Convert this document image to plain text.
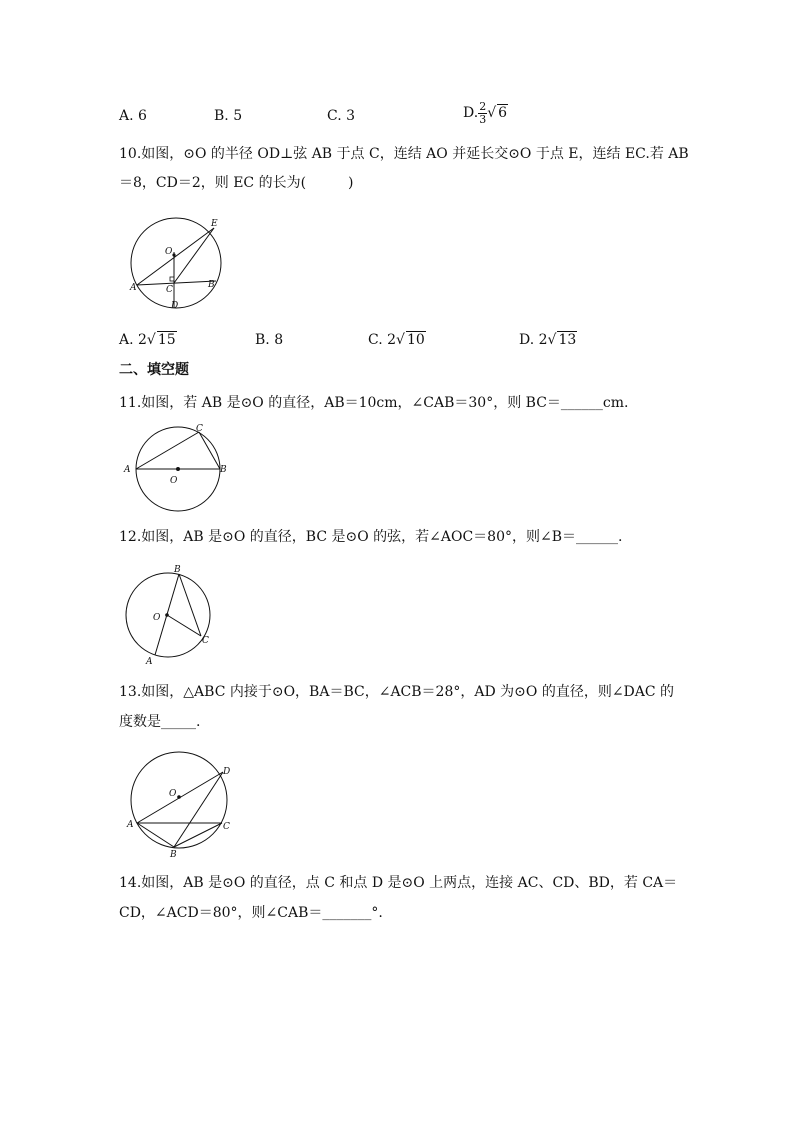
A. 6	B. 5	C. 3	D. $\frac{2}{3}$ √ 6
10.如图，⊙O 的半径 OD⊥弦 AB 于点 C，连结 AO 并延长交⊙O 于点 E，连结 EC.若 AB
＝8，CD＝2，则 EC 的长为(　　　)
O
E
A	C	B
D
A. 2√ 15	B. 8	C. 2√ 10	D. 2√ 13
二、填空题
11.如图，若 AB 是⊙O 的直径，AB＝10cm，∠CAB＝30°，则 BC＝______cm.
A	B
C
O
12.如图，AB 是⊙O 的直径，BC 是⊙O 的弦，若∠AOC＝80°，则∠B＝______.
B
O
C
A
13.如图，△ABC 内接于⊙O，BA＝BC，∠ACB＝28°，AD 为⊙O 的直径，则∠DAC 的
度数是_____.
O
D
A	C
B
14.如图，AB 是⊙O 的直径，点 C 和点 D 是⊙O 上两点，连接 AC、CD、BD，若 CA＝
CD，∠ACD＝80°，则∠CAB＝_______°.
